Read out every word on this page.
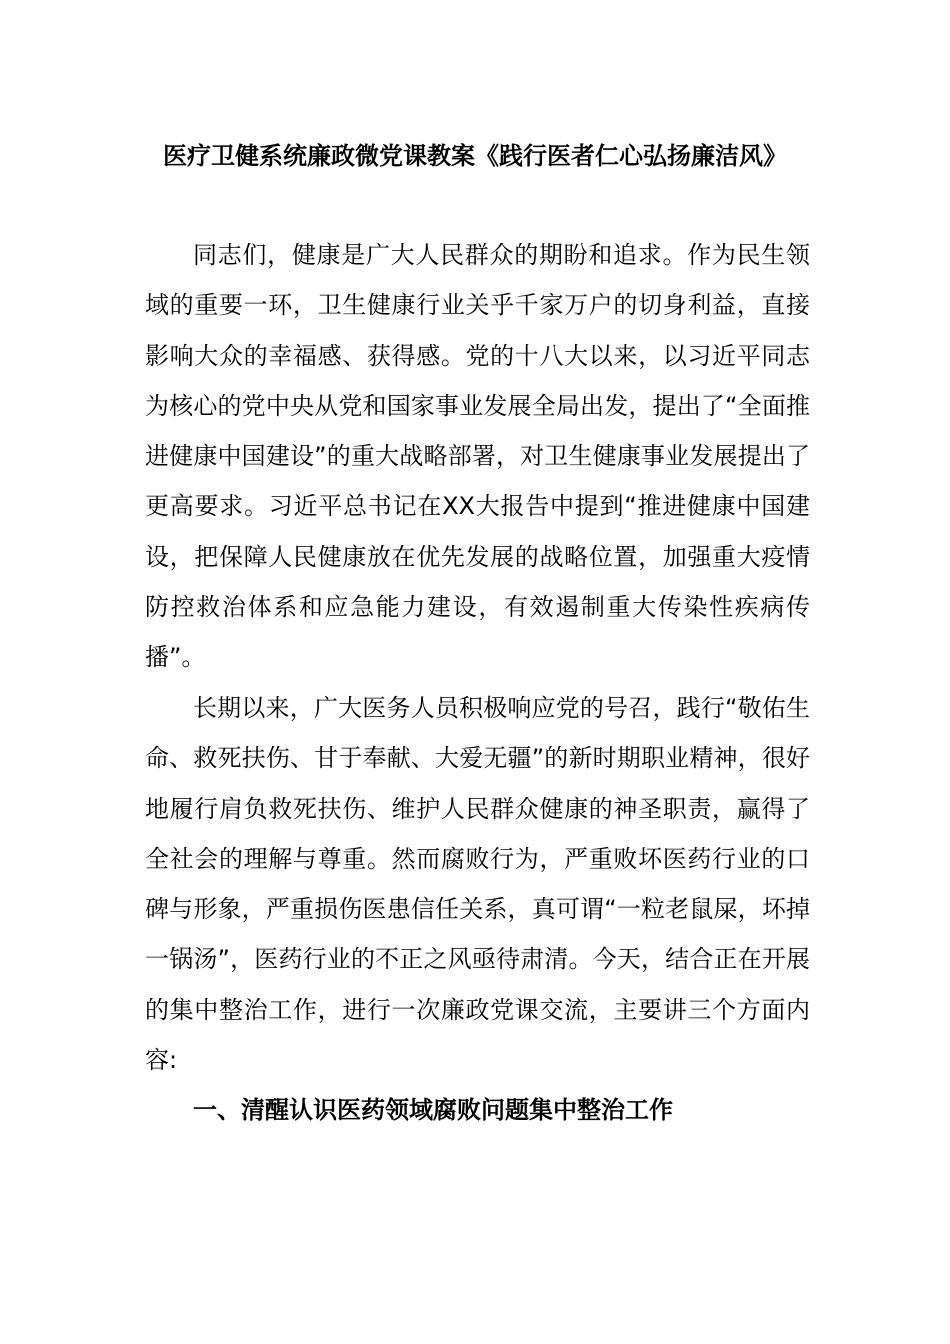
医疗卫健系统廉政微党课教案《践行医者仁心弘扬廉洁风》

同志们，健康是广大人民群众的期盼和追求。作为民生领域的重要一环，卫生健康行业关乎千家万户的切身利益，直接影响大众的幸福感、获得感。党的十八大以来，以习近平同志为核心的党中央从党和国家事业发展全局出发，提出了“全面推进健康中国建设”的重大战略部署，对卫生健康事业发展提出了更高要求。习近平总书记在XX大报告中提到“推进健康中国建设，把保障人民健康放在优先发展的战略位置，加强重大疫情防控救治体系和应急能力建设，有效遏制重大传染性疾病传播”。

长期以来，广大医务人员积极响应党的号召，践行“敬佑生命、救死扶伤、甘于奉献、大爱无疆”的新时期职业精神，很好地履行肩负救死扶伤、维护人民群众健康的神圣职责，赢得了全社会的理解与尊重。然而腐败行为，严重败坏医药行业的口碑与形象，严重损伤医患信任关系，真可谓“一粒老鼠屎，坏掉一锅汤”，医药行业的不正之风亟待肃清。今天，结合正在开展的集中整治工作，进行一次廉政党课交流，主要讲三个方面内容:

一、清醒认识医药领域腐败问题集中整治工作
